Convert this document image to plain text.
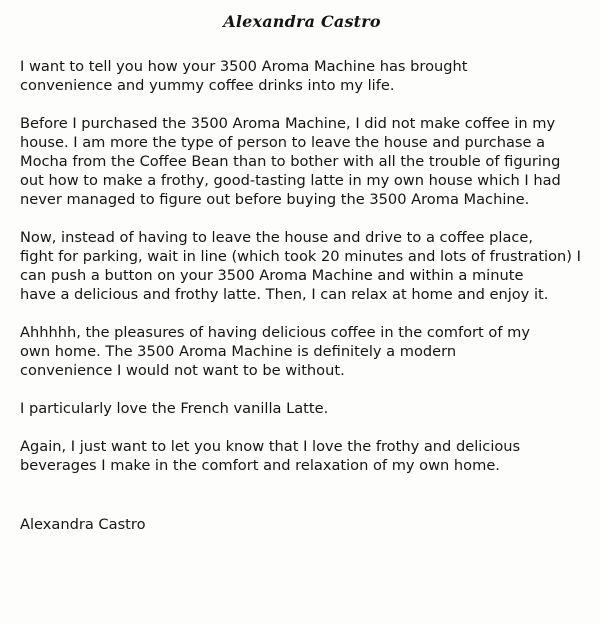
Alexandra Castro

I want to tell you how your 3500 Aroma Machine has brought
convenience and yummy coffee drinks into my life.

Before I purchased the 3500 Aroma Machine, I did not make coffee in my
house. I am more the type of person to leave the house and purchase a
Mocha from the Coffee Bean than to bother with all the trouble of figuring
out how to make a frothy, good-tasting latte in my own house which I had
never managed to figure out before buying the 3500 Aroma Machine.

Now, instead of having to leave the house and drive to a coffee place,
fight for parking, wait in line (which took 20 minutes and lots of frustration) I
can push a button on your 3500 Aroma Machine and within a minute
have a delicious and frothy latte. Then, I can relax at home and enjoy it.

Ahhhhh, the pleasures of having delicious coffee in the comfort of my
own home. The 3500 Aroma Machine is definitely a modern
convenience I would not want to be without.

I particularly love the French vanilla Latte.

Again, I just want to let you know that I love the frothy and delicious
beverages I make in the comfort and relaxation of my own home.

Alexandra Castro
